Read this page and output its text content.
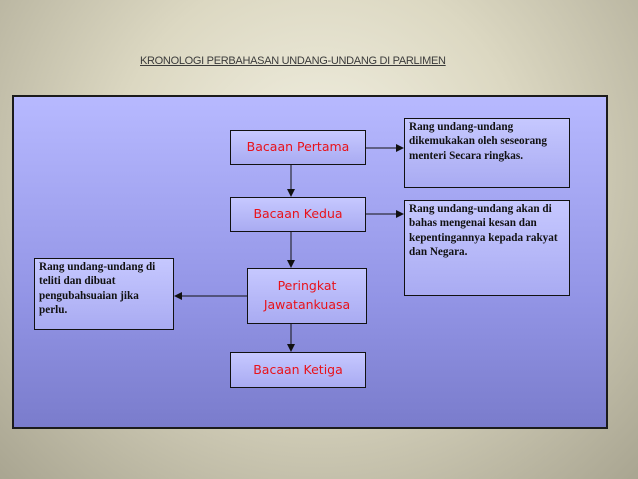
KRONOLOGI PERBAHASAN UNDANG-UNDANG DI PARLIMEN
Bacaan Pertama
Bacaan Kedua
Peringkat Jawatankuasa
Bacaan Ketiga
Rang undang-undang dikemukakan oleh seseorang menteri Secara ringkas.
Rang undang-undang akan di bahas mengenai kesan dan kepentingannya kepada rakyat dan Negara.
Rang undang-undang di teliti dan dibuat pengubahsuaian jika perlu.
